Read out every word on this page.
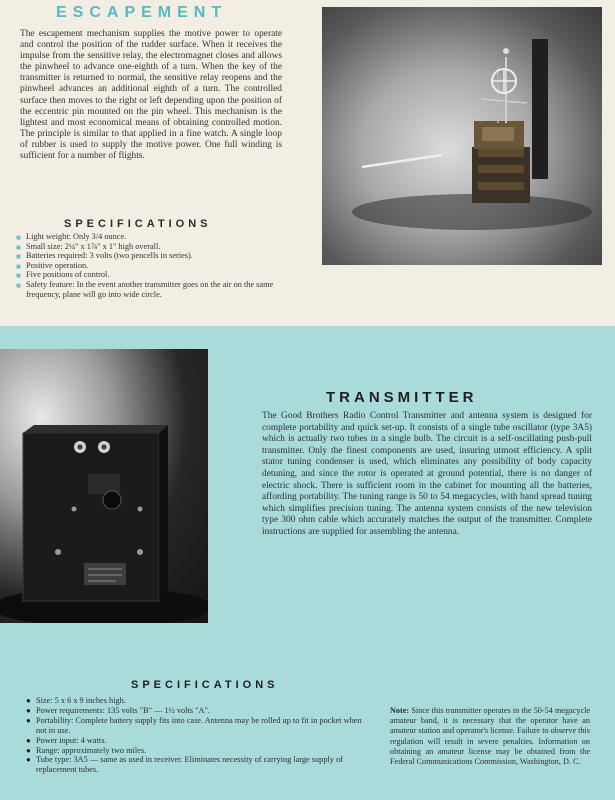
ESCAPEMENT

The escapement mechanism supplies the motive power to operate and control the position of the rudder surface. When it receives the impulse from the sensitive relay, the electromagnet closes and allows the pinwheel to advance one-eighth of a turn. When the key of the transmitter is returned to normal, the sensitive relay reopens and the pinwheel advances an additional eighth of a turn. The controlled surface then moves to the right or left depending upon the position of the eccentric pin mounted on the pin wheel. This mechanism is the lightest and most economical means of obtaining controlled motion. The principle is similar to that applied in a fine watch. A single loop of rubber is used to supply the motive power. One full winding is sufficient for a number of flights.

SPECIFICATIONS
■ Light weight: Only 3/4 ounce.
■ Small size: 2¼" x 1⅞" x 1" high overall.
■ Batteries required: 3 volts (two pencells in series).
■ Positive operation.
■ Five positions of control.
■ Safety feature: In the event another transmitter goes on the air on the same frequency, plane will go into wide circle.
TRANSMITTER

The Good Brothers Radio Control Transmitter and antenna system is designed for complete portability and quick set-up. It consists of a single tube oscillator (type 3A5) which is actually two tubes in a single bulb. The circuit is a self-oscillating push-pull transmitter. Only the finest components are used, insuring utmost efficiency. A split stator tuning condenser is used, which eliminates any possibility of body capacity detuning, and since the rotor is operated at ground potential, there is no danger of electric shock. There is sufficient room in the cabinet for mounting all the batteries, affording portability. The tuning range is 50 to 54 megacycles, with band spread tuning which simplifies precision tuning. The antenna system consists of the new television type 300 ohm cable which accurately matches the output of the transmitter. Complete instructions are supplied for assembling the antenna.

SPECIFICATIONS
● Size: 5 x 6 x 9 inches high.
● Power requirements: 135 volts "B" — 1½ volts "A".
● Portability: Complete battery supply fits into case. Antenna may be rolled up to fit in pocket when not in use.
● Power input: 4 watts.
● Range: approximately two miles.
● Tube type: 3A5 — same as used in receiver. Eliminates necessity of carrying large supply of replacement tubes.

Note: Since this transmitter operates in the 50-54 megacycle amateur band, it is necessary that the operator have an amateur station and operator's license. Failure to observe this regulation will result in severe penalties. Information on obtaining an amateur license may be obtained from the Federal Communications Commission, Washington, D. C.
